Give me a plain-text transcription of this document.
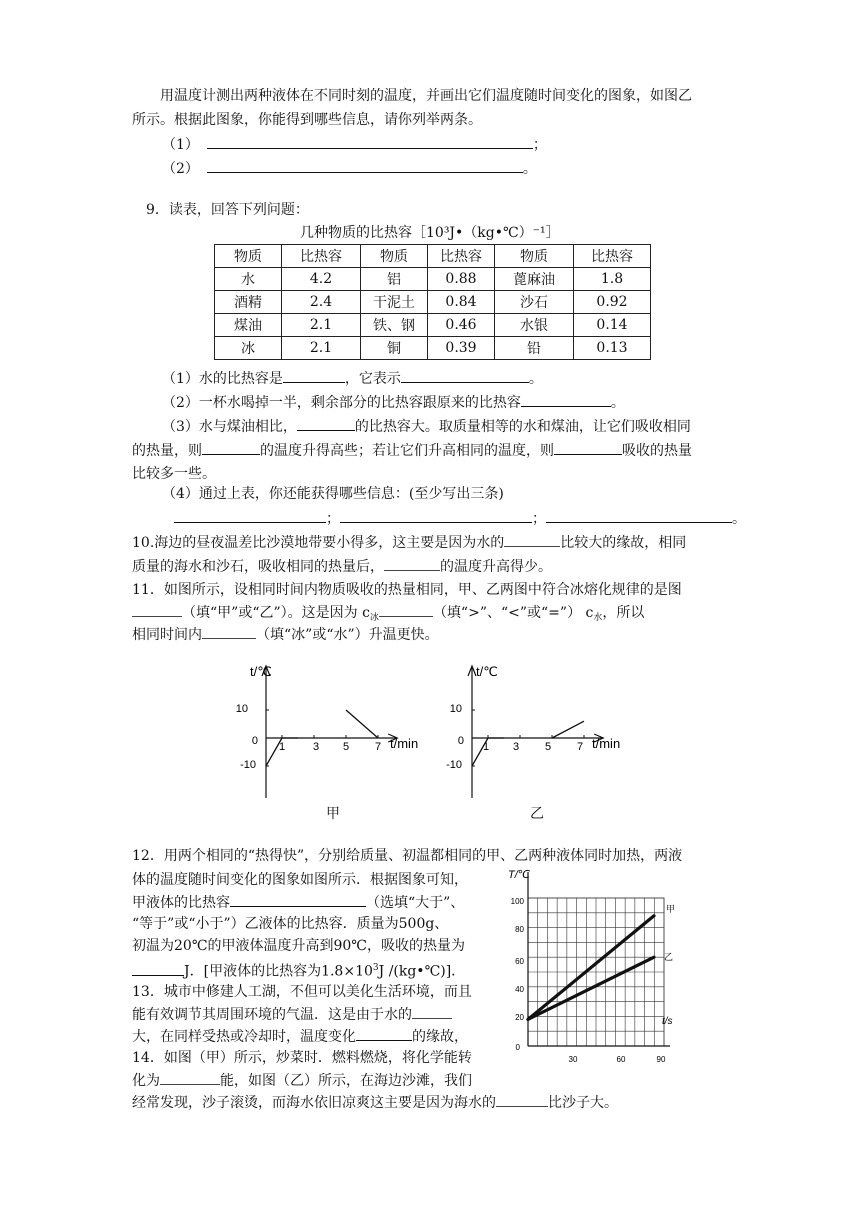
用温度计测出两种液体在不同时刻的温度，并画出它们温度随时间变化的图象，如图乙
所示。根据此图象，你能得到哪些信息，请你列举两条。
（1）	；
（2）	。
9．读表，回答下列问题：
几种物质的比热容［10³J•（kg•℃）⁻¹］
物质	比热容	物质	比热容	物质	比热容
水	4.2	铝	0.88	蓖麻油	1.8
酒精	2.4	干泥土	0.84	沙石	0.92
煤油	2.1	铁、钢	0.46	水银	0.14
冰	2.1	铜	0.39	铅	0.13
（1）水的比热容是	，它表示	。
（2）一杯水喝掉一半，剩余部分的比热容跟原来的比热容	。
（3）水与煤油相比，	的比热容大。取质量相等的水和煤油，让它们吸收相同
的热量，则	的温度升得高些；若让它们升高相同的温度，则	吸收的热量
比较多一些。
（4）通过上表，你还能获得哪些信息：(至少写出三条)
；	；	。
10.海边的昼夜温差比沙漠地带要小得多，这主要是因为水的	比较大的缘故，相同
质量的海水和沙石，吸收相同的热量后，	的温度升高得少。
11．如图所示，设相同时间内物质吸收的热量相同，甲、乙两图中符合冰熔化规律的是图
（填“甲”或“乙”）。这是因为 $c_冰$	（填“>”、“<”或“=”） $c_水$，所以
相同时间内	（填“冰”或“水”）升温更快。
t/℃
t/min
10
0
-10
1	3 5 7
t/℃
t/min
10
0
-10
1 3 5 7
甲	乙
12．用两个相同的“热得快”，分别给质量、初温都相同的甲、乙两种液体同时加热，两液
体的温度随时间变化的图象如图所示．根据图象可知，
甲液体的比热容	（选填“大于”、
“等于”或“小于”）乙液体的比热容．质量为500g、
初温为20℃的甲液体温度升高到90℃，吸收的热量为
J．[甲液体的比热容为$1.8\times 10^3J$ /(kg•℃)]．
13．城市中修建人工湖，不但可以美化生活环境，而且
能有效调节其周围环境的气温．这是由于水的
大，在同样受热或冷却时，温度变化	的缘故，
14．如图（甲）所示，炒菜时．燃料燃烧，将化学能转
化为	能，如图（乙）所示，在海边沙滩，我们
经常发现，沙子滚烫，而海水依旧凉爽这主要是因为海水的	比沙子大。
T/℃
t/s
100
80
60
40
20
0
30	60	90
甲
乙
